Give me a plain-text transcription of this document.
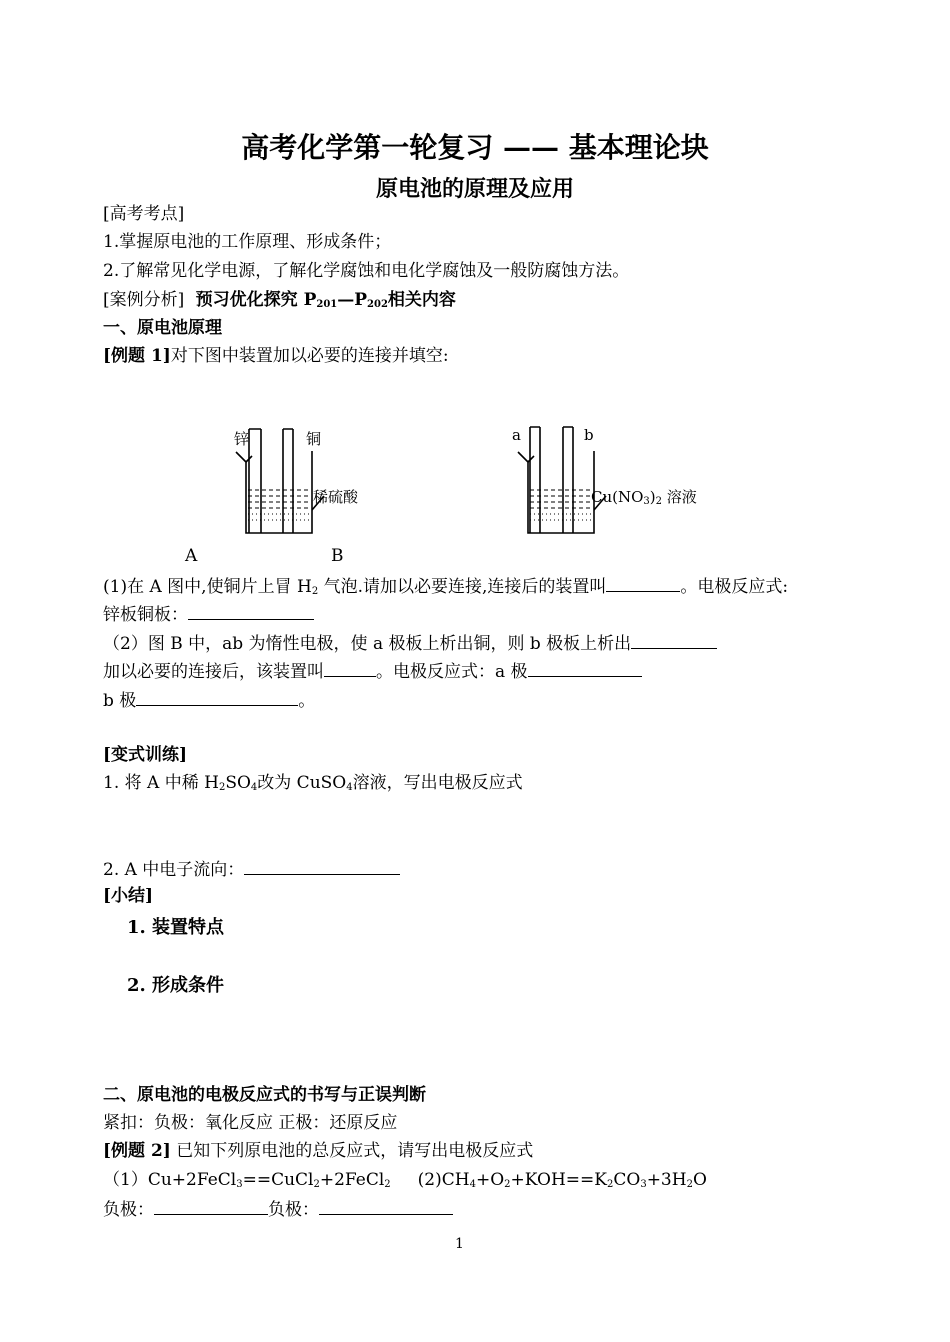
高考化学第一轮复习 —— 基本理论块
原电池的原理及应用
[高考考点]
1.掌握原电池的工作原理、形成条件；
2.了解常见化学电源，了解化学腐蚀和电化学腐蚀及一般防腐蚀方法。
[案例分析] 预习优化探究 $P_{201}—P_{202}$相关内容
一、原电池原理
[例题 1]对下图中装置加以必要的连接并填空:
锌	铜
稀硫酸
a	b
$Cu(NO_3)_2$ 溶液
A	B
(1)在 A 图中,使铜片上冒 $H_2$ 气泡.请加以必要连接,连接后的装置叫	。电极反应式:
锌板铜板：
（2）图 B 中，ab 为惰性电极，使 a 极板上析出铜，则 b 极板上析出
加以必要的连接后，该装置叫	。电极反应式：a 极
b 极	。
[变式训练]
1. 将 A 中稀 $H_2SO_4$改为 CuSO$_4$溶液，写出电极反应式
2. A 中电子流向：
[小结]
1. 装置特点
2. 形成条件
二、原电池的电极反应式的书写与正误判断
紧扣：负极：氧化反应 正极：还原反应
[例题 2] 已知下列原电池的总反应式，请写出电极反应式
（1）Cu+2FeCl$_3$==CuCl$_2$+2FeCl$_2$     $(2)CH_4+O_2+KOH==K_2CO_3+3H_2O$
负极：	负极：
1
